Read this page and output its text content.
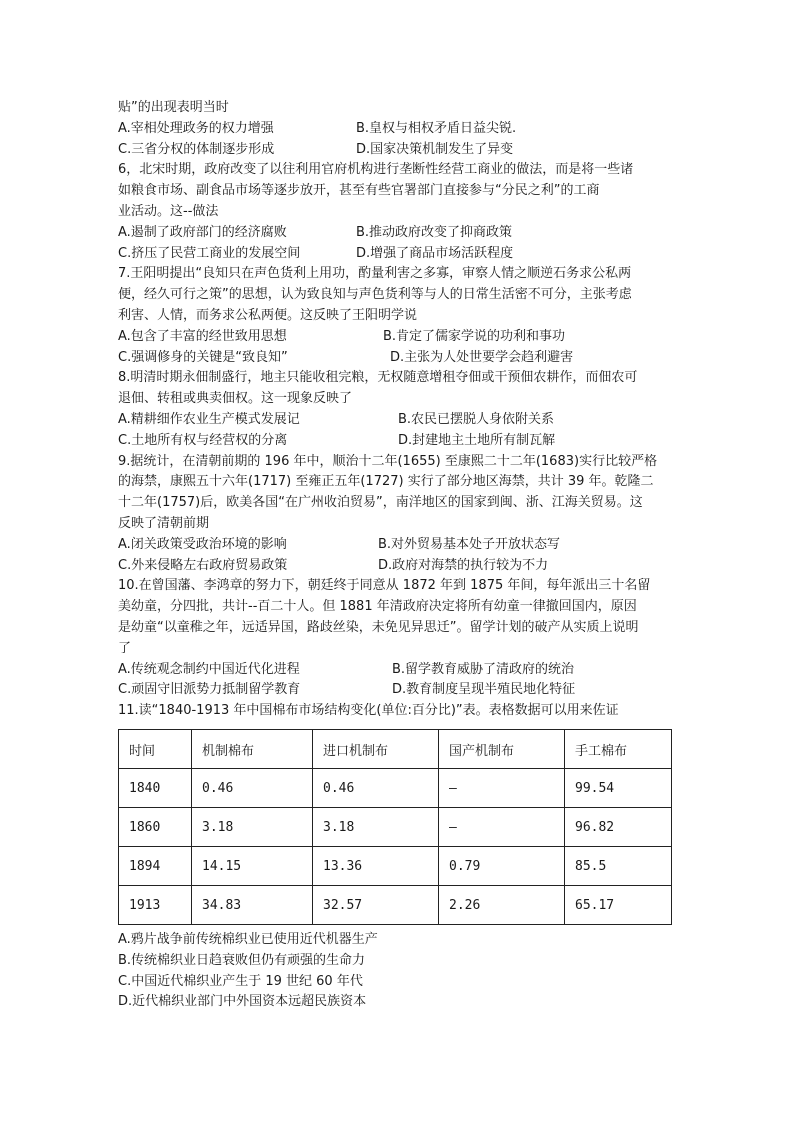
贴”的出现表明当时
A.宰相处理政务的权力增强	B.皇权与相权矛盾日益尖锐.
C.三省分权的体制逐步形成	D.国家决策机制发生了异变
6，北宋时期，政府改变了以往利用官府机构进行垄断性经营工商业的做法，而是将一些诸
如粮食市场、副食品市场等逐步放开，甚至有些官署部门直接参与“分民之利”的工商
业活动。这--做法
A.遏制了政府部门的经济腐败	B.推动政府改变了抑商政策
C.挤压了民营工商业的发展空间	D.增强了商品市场活跃程度
7.王阳明提出“良知只在声色货利上用功，酌量利害之多寡，审察人情之顺逆石务求公私两
便，经久可行之策”的思想，认为致良知与声色货利等与人的日常生活密不可分，主张考虑
利害、人情，而务求公私两便。这反映了王阳明学说
A.包含了丰富的经世致用思想	B.肯定了儒家学说的功利和事功
C.强调修身的关键是“致良知”	D.主张为人处世要学会趋利避害
8.明清时期永佃制盛行，地主只能收租完粮，无权随意增租夺佃或干预佃农耕作，而佃农可
退佃、转租或典卖佃权。这一现象反映了
A.精耕细作农业生产模式发展记	B.农民已摆脱人身依附关系
C.土地所有权与经营权的分离	D.封建地主土地所有制瓦解
9.据统计，在清朝前期的 196 年中，顺治十二年(1655) 至康熙二十二年(1683)实行比较严格
的海禁，康熙五十六年(1717) 至雍正五年(1727) 实行了部分地区海禁，共计 39 年。乾隆二
十二年(1757)后，欧美各国“在广州收泊贸易”，南洋地区的国家到闽、浙、江海关贸易。这
反映了清朝前期
A.闭关政策受政治环境的影响	B.对外贸易基本处子开放状态写
C.外来侵略左右政府贸易政策	D.政府对海禁的执行较为不力
10.在曾国藩、李鸿章的努力下，朝廷终于同意从 1872 年到 1875 年间，每年派出三十名留
美幼童，分四批，共计--百二十人。但 1881 年清政府决定将所有幼童一律撤回国内，原因
是幼童“以童稚之年，远适异国，路歧丝染，未免见异思迁”。留学计划的破产从实质上说明
了
A.传统观念制约中国近代化进程	B.留学教育威胁了清政府的统治
C.顽固守旧派势力抵制留学教育	D.教育制度呈现半殖民地化特征
11.读“1840-1913 年中国棉布市场结构变化(单位:百分比)”表。表格数据可以用来佐证
时间	机制棉布	进口机制布	国产机制布	手工棉布
1840	0.46	0.46	—	99.54
1860	3.18	3.18	—	96.82
1894	14.15	13.36	0.79	85.5
1913	34.83	32.57	2.26	65.17
A.鸦片战争前传统棉织业已使用近代机器生产
B.传统棉织业日趋衰败但仍有顽强的生命力
C.中国近代棉织业产生于 19 世纪 60 年代
D.近代棉织业部门中外国资本远超民族资本
